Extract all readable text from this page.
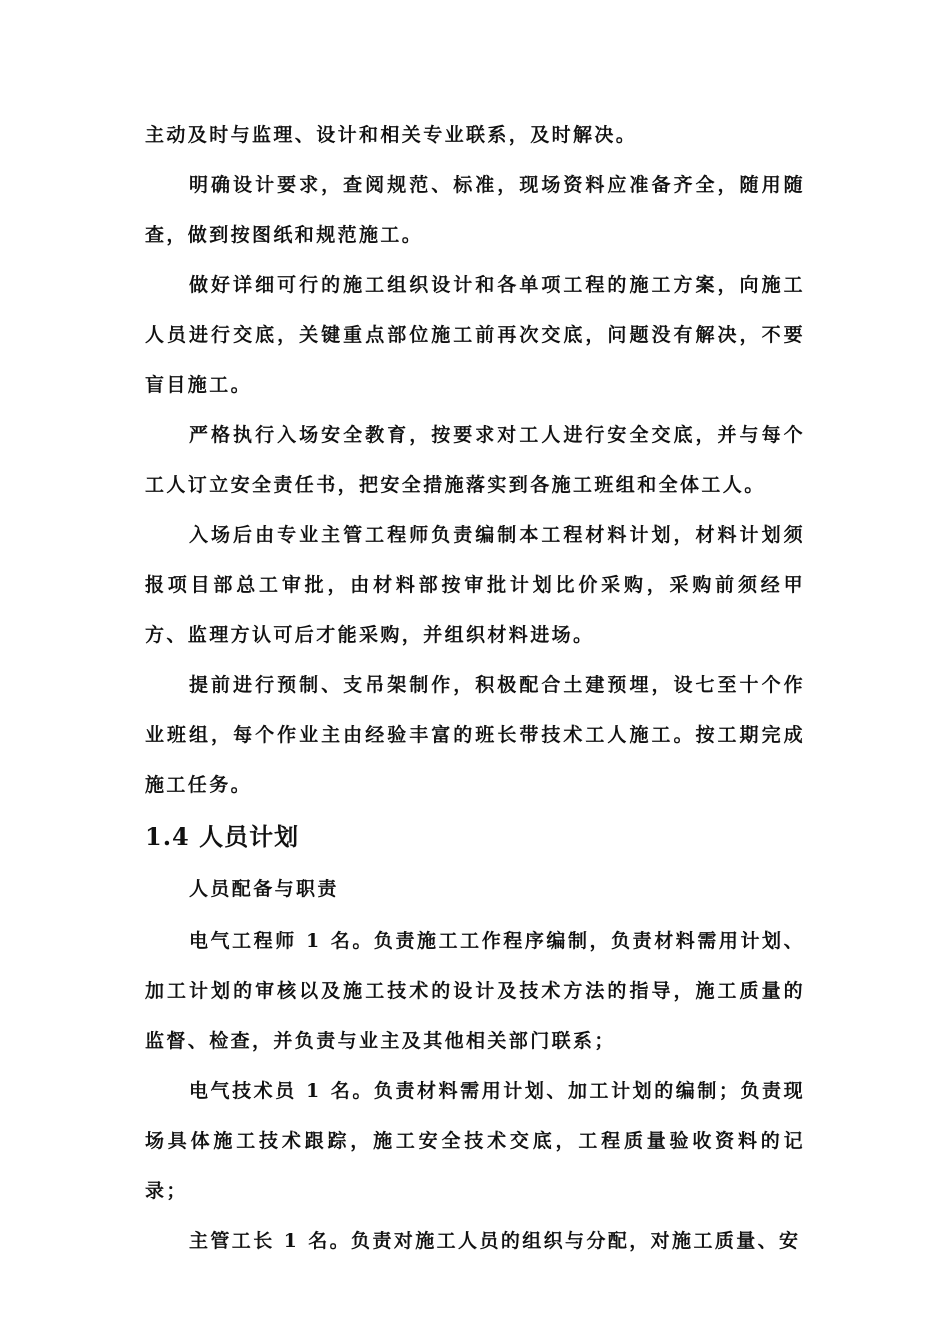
主动及时与监理、设计和相关专业联系，及时解决。

明确设计要求，查阅规范、标准，现场资料应准备齐全，随用随查，做到按图纸和规范施工。

做好详细可行的施工组织设计和各单项工程的施工方案，向施工人员进行交底，关键重点部位施工前再次交底，问题没有解决，不要盲目施工。

严格执行入场安全教育，按要求对工人进行安全交底，并与每个工人订立安全责任书，把安全措施落实到各施工班组和全体工人。

入场后由专业主管工程师负责编制本工程材料计划，材料计划须报项目部总工审批，由材料部按审批计划比价采购，采购前须经甲方、监理方认可后才能采购，并组织材料进场。

提前进行预制、支吊架制作，积极配合土建预埋，设七至十个作业班组，每个作业主由经验丰富的班长带技术工人施工。按工期完成施工任务。

1.4 人员计划

人员配备与职责

电气工程师 1 名。负责施工工作程序编制，负责材料需用计划、加工计划的审核以及施工技术的设计及技术方法的指导，施工质量的监督、检查，并负责与业主及其他相关部门联系；

电气技术员 1 名。负责材料需用计划、加工计划的编制；负责现场具体施工技术跟踪，施工安全技术交底，工程质量验收资料的记录；

主管工长 1 名。负责对施工人员的组织与分配，对施工质量、安
